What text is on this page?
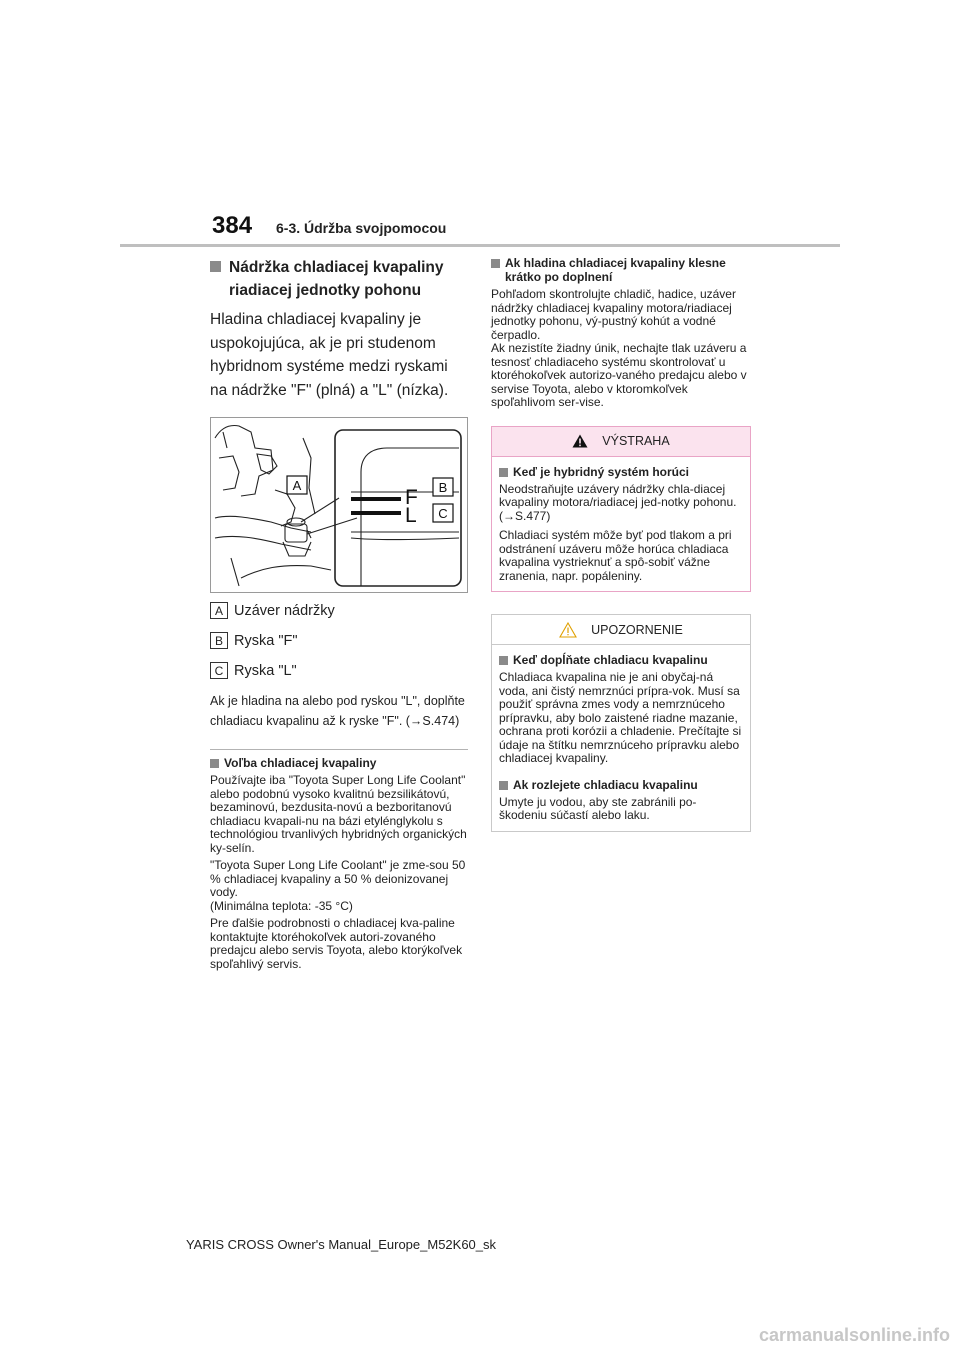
384 6-3. Údržba svojpomocou
Nádržka chladiacej kvapaliny riadiacej jednotky pohonu

Hladina chladiacej kvapaliny je uspokojujúca, ak je pri studenom hybridnom systéme medzi ryskami na nádržke "F" (plná) a "L" (nízka).

F
L
A	B
C
A Uzáver nádržky
B Ryska "F"
C Ryska "L"

Ak je hladina na alebo pod ryskou "L", doplňte chladiacu kvapalinu až k ryske "F". (→S.474)

Voľba chladiacej kvapaliny

Používajte iba "Toyota Super Long Life Coolant" alebo podobnú vysoko kvalitnú bezsilikátovú, bezaminovú, bezdusita-novú a bezboritanovú chladiacu kvapali-nu na bázi etylénglykolu s technológiou trvanlivých hybridných organických ky-selín.

"Toyota Super Long Life Coolant" je zme-sou 50 % chladiacej kvapaliny a 50 % deionizovanej vody.
(Minimálna teplota: -35 °C)

Pre ďalšie podrobnosti o chladiacej kva-paline kontaktujte ktoréhokoľvek autori-zovaného predajcu alebo servis Toyota, alebo ktorýkoľvek spoľahlivý servis.

Ak hladina chladiacej kvapaliny klesne krátko po doplnení

Pohľadom skontrolujte chladič, hadice, uzáver nádržky chladiacej kvapaliny motora/riadiacej jednotky pohonu, vý-pustný kohút a vodné čerpadlo.
Ak nezistíte žiadny únik, nechajte tlak uzáveru a tesnosť chladiaceho systému skontrolovať u ktoréhokoľvek autorizo-vaného predajcu alebo v servise Toyota, alebo v ktoromkoľvek spoľahlivom ser-vise.

VÝSTRAHA
Keď je hybridný systém horúci

Neodstraňujte uzávery nádržky chla-diacej kvapaliny motora/riadiacej jed-notky pohonu. (→S.477)

Chladiaci systém môže byť pod tlakom a pri odstránení uzáveru môže horúca chladiaca kvapalina vystrieknuť a spô-sobiť vážne zranenia, napr. popáleniny.

UPOZORNENIE
Keď dopĺňate chladiacu kvapalinu

Chladiaca kvapalina nie je ani obyčaj-ná voda, ani čistý nemrznúci prípra-vok. Musí sa použiť správna zmes vody a nemrznúceho prípravku, aby bolo zaistené riadne mazanie, ochrana proti korózii a chladenie. Prečítajte si údaje na štítku nemrznúceho prípravku alebo chladiacej kvapaliny.

Ak rozlejete chladiacu kvapalinu

Umyte ju vodou, aby ste zabránili po-škodeniu súčastí alebo laku.

YARIS CROSS Owner's Manual_Europe_M52K60_sk
carmanualsonline.info
